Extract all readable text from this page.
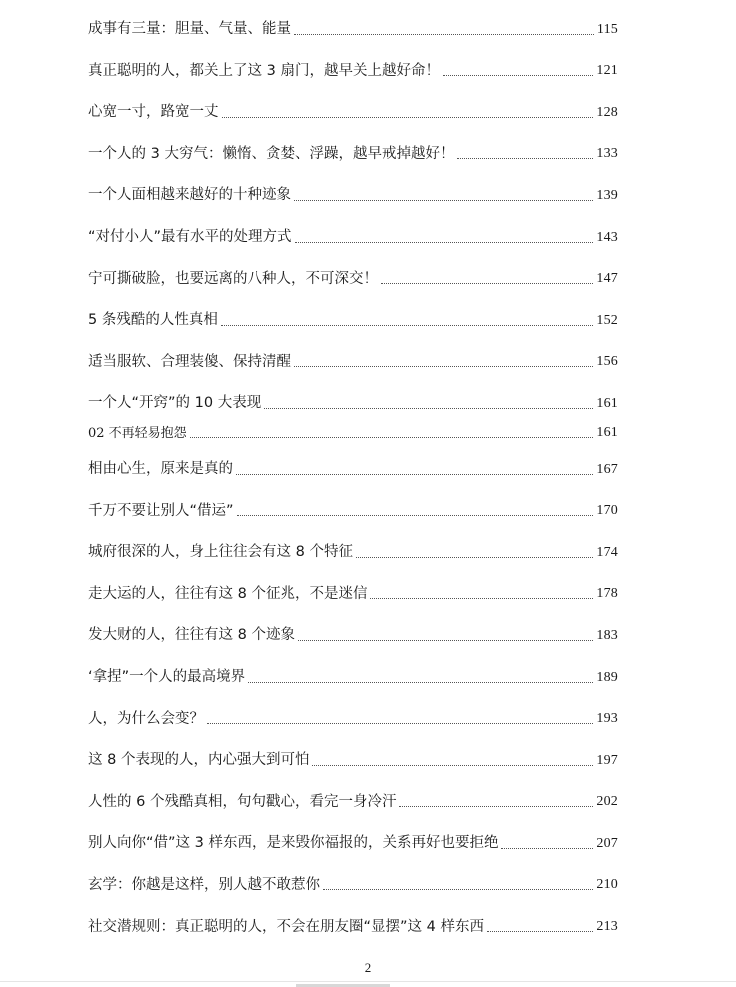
成事有三量：胆量、气量、能量	115
真正聪明的人，都关上了这 3 扇门，越早关上越好命！	121
心宽一寸，路宽一丈	128
一个人的 3 大穷气：懒惰、贪婪、浮躁，越早戒掉越好！	133
一个人面相越来越好的十种迹象	139
“对付小人”最有水平的处理方式	143
宁可撕破脸，也要远离的八种人，不可深交！	147
5 条残酷的人性真相	152
适当服软、合理装傻、保持清醒	156
一个人“开窍”的 10 大表现	161
02 不再轻易抱怨	161
相由心生，原来是真的	167
千万不要让别人“借运”	170
城府很深的人，身上往往会有这 8 个特征	174
走大运的人，往往有这 8 个征兆，不是迷信	178
发大财的人，往往有这 8 个迹象	183
‘拿捏”一个人的最高境界	189
人，为什么会变？	193
这 8 个表现的人，内心强大到可怕	197
人性的 6 个残酷真相，句句戳心，看完一身冷汗	202
别人向你“借”这 3 样东西，是来毁你福报的，关系再好也要拒绝	207
玄学：你越是这样，别人越不敢惹你	210
社交潜规则：真正聪明的人，不会在朋友圈“显摆”这 4 样东西	213
2
